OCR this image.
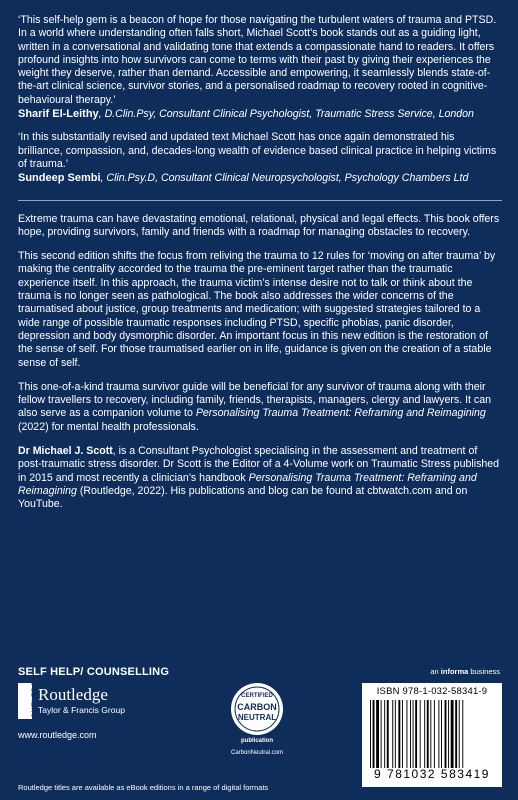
‘This self-help gem is a beacon of hope for those navigating the turbulent waters of trauma and PTSD. In a world where understanding often falls short, Michael Scott’s book stands out as a guiding light, written in a conversational and validating tone that extends a compassionate hand to readers. It offers profound insights into how survivors can come to terms with their past by giving their experiences the weight they deserve, rather than demand. Accessible and empowering, it seamlessly blends state-of-the-art clinical science, survivor stories, and a personalised roadmap to recovery rooted in cognitive-behavioural therapy.’

Sharif El-Leithy, D.Clin.Psy, Consultant Clinical Psychologist, Traumatic Stress Service, London

‘In this substantially revised and updated text Michael Scott has once again demonstrated his brilliance, compassion, and, decades-long wealth of evidence based clinical practice in helping victims of trauma.’

Sundeep Sembi, Clin.Psy.D, Consultant Clinical Neuropsychologist, Psychology Chambers Ltd

Extreme trauma can have devastating emotional, relational, physical and legal effects. This book offers hope, providing survivors, family and friends with a roadmap for managing obstacles to recovery.

This second edition shifts the focus from reliving the trauma to 12 rules for ‘moving on after trauma’ by making the centrality accorded to the trauma the pre-eminent target rather than the traumatic experience itself. In this approach, the trauma victim’s intense desire not to talk or think about the trauma is no longer seen as pathological. The book also addresses the wider concerns of the traumatised about justice, group treatments and medication; with suggested strategies tailored to a wide range of possible traumatic responses including PTSD, specific phobias, panic disorder, depression and body dysmorphic disorder. An important focus in this new edition is the restoration of the sense of self. For those traumatised earlier on in life, guidance is given on the creation of a stable sense of self.

This one-of-a-kind trauma survivor guide will be beneficial for any survivor of trauma along with their fellow travellers to recovery, including family, friends, therapists, managers, clergy and lawyers. It can also serve as a companion volume to Personalising Trauma Treatment: Reframing and Reimagining (2022) for mental health professionals.

Dr Michael J. Scott, is a Consultant Psychologist specialising in the assessment and treatment of post-traumatic stress disorder. Dr Scott is the Editor of a 4-Volume work on Traumatic Stress published in 2015 and most recently a clinician’s handbook Personalising Trauma Treatment: Reframing and Reimagining (Routledge, 2022). His publications and blog can be found at cbtwatch.com and on YouTube.

SELF HELP/ COUNSELLING	an informa business
ROUTLEDGE Routledge
Taylor & Francis Group
www.routledge.com
CERTIFIED
CARBON
NEUTRAL
publication
CarbonNeutral.com
ISBN 978-1-032-58341-9
9 781032 583419
Routledge titles are available as eBook editions in a range of digital formats
